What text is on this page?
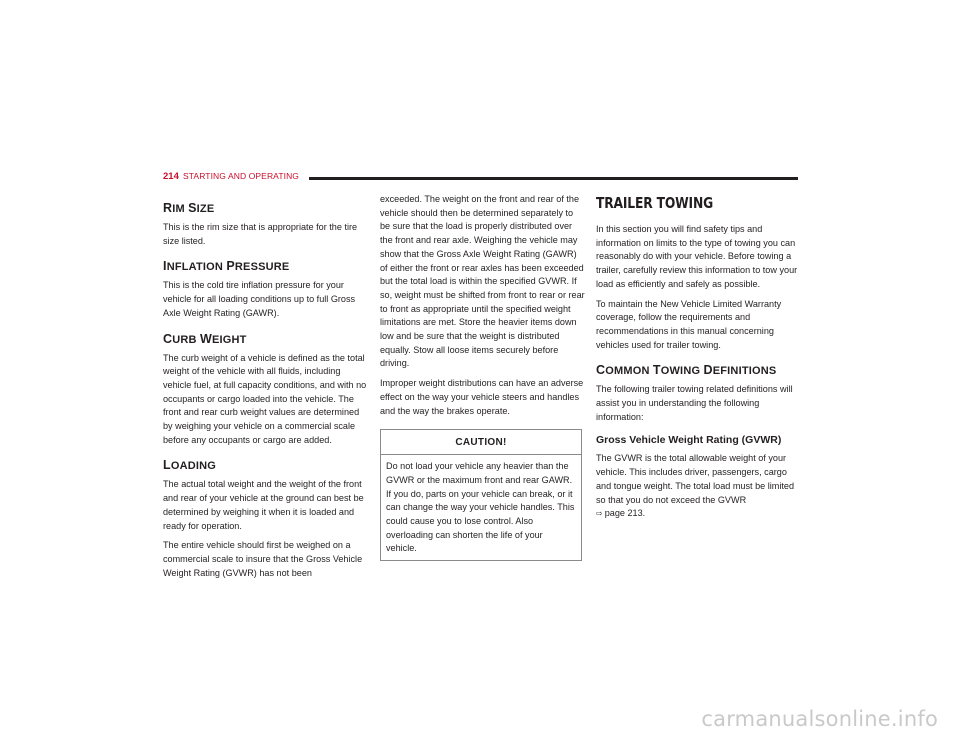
214 STARTING AND OPERATING
RIM SIZE

This is the rim size that is appropriate for the tire size listed.

INFLATION PRESSURE

This is the cold tire inflation pressure for your vehicle for all loading conditions up to full Gross Axle Weight Rating (GAWR).

CURB WEIGHT

The curb weight of a vehicle is defined as the total weight of the vehicle with all fluids, including vehicle fuel, at full capacity conditions, and with no occupants or cargo loaded into the vehicle. The front and rear curb weight values are determined by weighing your vehicle on a commercial scale before any occupants or cargo are added.

LOADING

The actual total weight and the weight of the front and rear of your vehicle at the ground can best be determined by weighing it when it is loaded and ready for operation.

The entire vehicle should first be weighed on a commercial scale to insure that the Gross Vehicle Weight Rating (GVWR) has not been

exceeded. The weight on the front and rear of the vehicle should then be determined separately to be sure that the load is properly distributed over the front and rear axle. Weighing the vehicle may show that the Gross Axle Weight Rating (GAWR) of either the front or rear axles has been exceeded but the total load is within the specified GVWR. If so, weight must be shifted from front to rear or rear to front as appropriate until the specified weight limitations are met. Store the heavier items down low and be sure that the weight is distributed equally. Stow all loose items securely before driving.

Improper weight distributions can have an adverse effect on the way your vehicle steers and handles and the way the brakes operate.

CAUTION!
Do not load your vehicle any heavier than the GVWR or the maximum front and rear GAWR. If you do, parts on your vehicle can break, or it can change the way your vehicle handles. This could cause you to lose control. Also overloading can shorten the life of your vehicle.
TRAILER TOWING

In this section you will find safety tips and information on limits to the type of towing you can reasonably do with your vehicle. Before towing a trailer, carefully review this information to tow your load as efficiently and safely as possible.

To maintain the New Vehicle Limited Warranty coverage, follow the requirements and recommendations in this manual concerning vehicles used for trailer towing.

COMMON TOWING DEFINITIONS

The following trailer towing related definitions will assist you in understanding the following information:

Gross Vehicle Weight Rating (GVWR)

The GVWR is the total allowable weight of your vehicle. This includes driver, passengers, cargo and tongue weight. The total load must be limited so that you do not exceed the GVWR
⇨ page 213.

carmanualsonline.info
